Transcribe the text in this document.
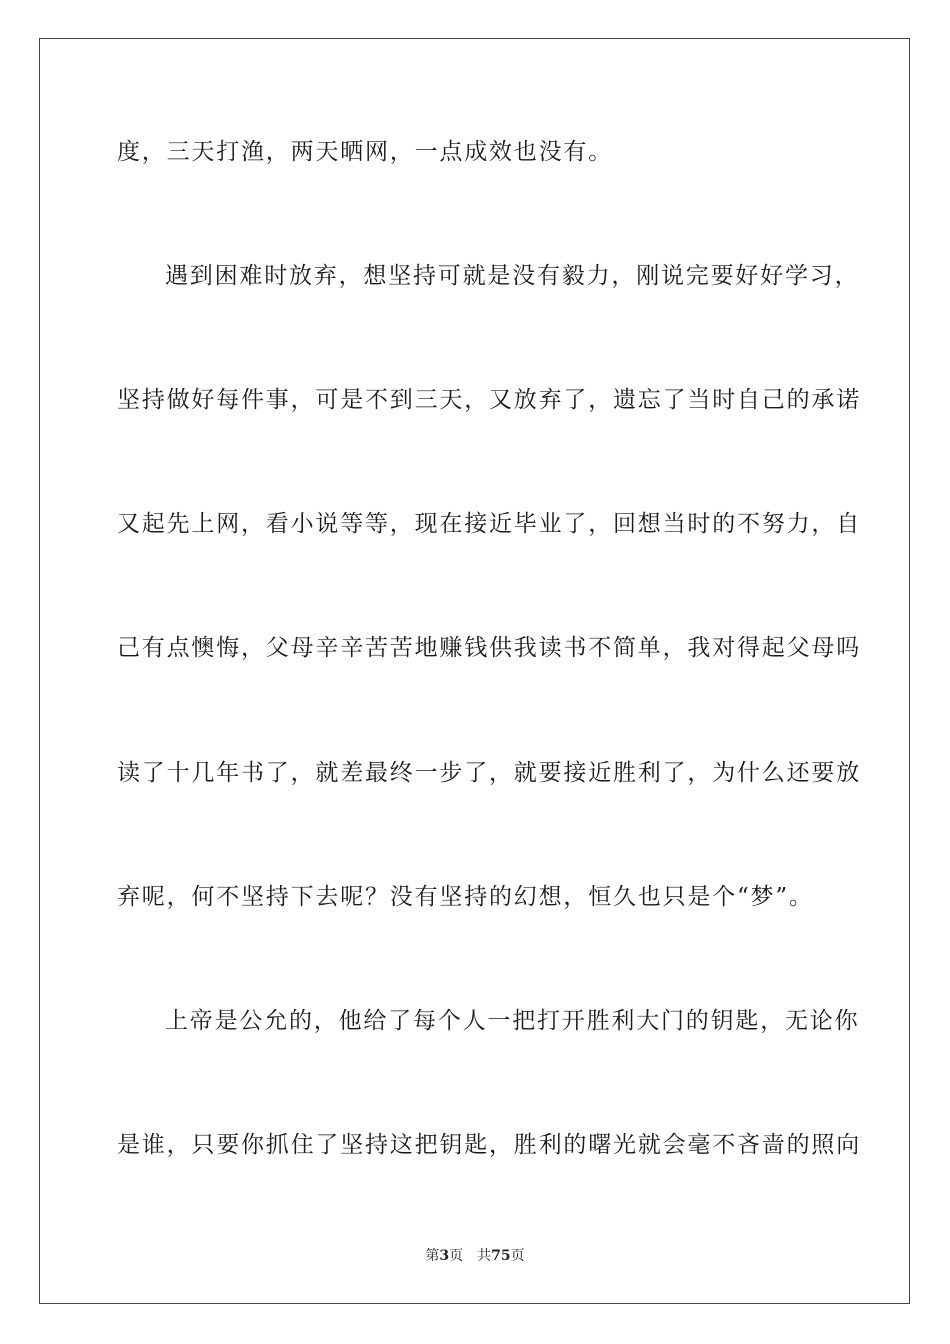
度，三天打渔，两天晒网，一点成效也没有。
遇到困难时放弃，想坚持可就是没有毅力，刚说完要好好学习，
坚持做好每件事，可是不到三天，又放弃了，遗忘了当时自己的承诺
又起先上网，看小说等等，现在接近毕业了，回想当时的不努力，自
己有点懊悔，父母辛辛苦苦地赚钱供我读书不简单，我对得起父母吗
读了十几年书了，就差最终一步了，就要接近胜利了，为什么还要放
弃呢，何不坚持下去呢？没有坚持的幻想，恒久也只是个“梦”。
上帝是公允的，他给了每个人一把打开胜利大门的钥匙，无论你
是谁，只要你抓住了坚持这把钥匙，胜利的曙光就会毫不吝啬的照向
第3页 共75页
